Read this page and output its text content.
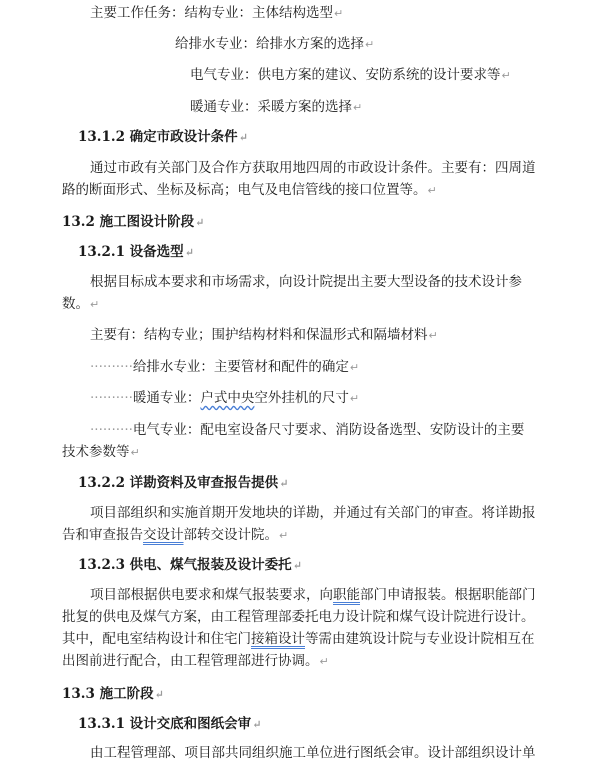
主要工作任务：结构专业：主体结构选型↵
给排水专业：给排水方案的选择↵
电气专业：供电方案的建议、安防系统的设计要求等↵
暖通专业：采暖方案的选择↵
13.1.2 确定市政设计条件↵
通过市政有关部门及合作方获取用地四周的市政设计条件。主要有：四周道
路的断面形式、坐标及标高；电气及电信管线的接口位置等。↵
13.2 施工图设计阶段↵
13.2.1 设备选型↵
根据目标成本要求和市场需求，向设计院提出主要大型设备的技术设计参
数。↵
主要有：结构专业；围护结构材料和保温形式和隔墙材料↵
··········给排水专业：主要管材和配件的确定↵
··········暖通专业：户式中央空外挂机的尺寸↵
··········电气专业：配电室设备尺寸要求、消防设备选型、安防设计的主要
技术参数等↵
13.2.2 详勘资料及审查报告提供↵
项目部组织和实施首期开发地块的详勘，并通过有关部门的审查。将详勘报
告和审查报告交设计部转交设计院。↵
13.2.3 供电、煤气报装及设计委托↵
项目部根据供电要求和煤气报装要求，向职能部门申请报装。根据职能部门
批复的供电及煤气方案，由工程管理部委托电力设计院和煤气设计院进行设计。
其中，配电室结构设计和住宅门接箱设计等需由建筑设计院与专业设计院相互在
出图前进行配合，由工程管理部进行协调。↵
13.3 施工阶段↵
13.3.1 设计交底和图纸会审↵
由工程管理部、项目部共同组织施工单位进行图纸会审。设计部组织设计单
